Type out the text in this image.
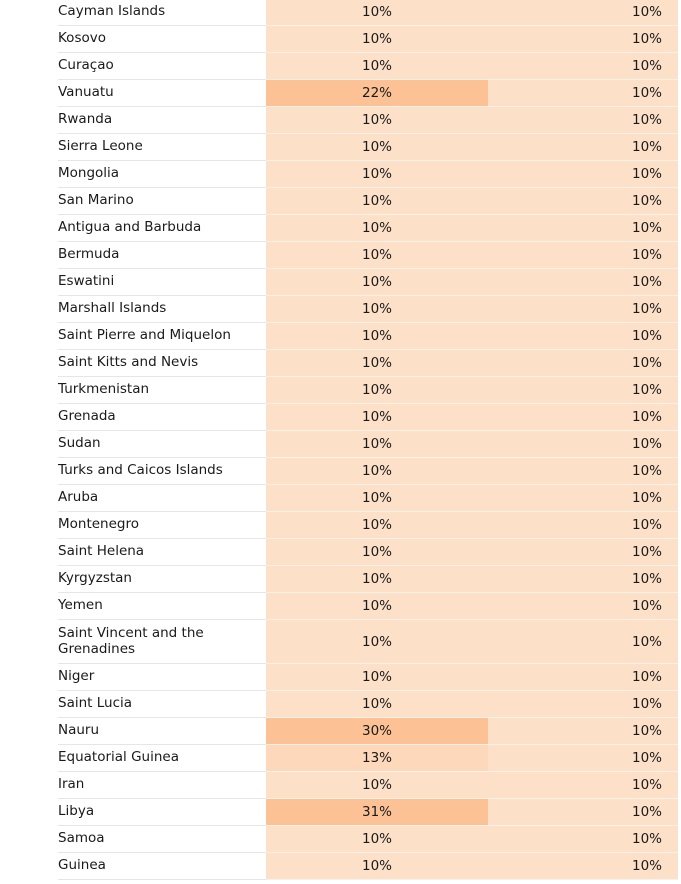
Cayman Islands	10%	10%
Kosovo	10%	10%
Curaçao	10%	10%
Vanuatu	22%	10%
Rwanda	10%	10%
Sierra Leone	10%	10%
Mongolia	10%	10%
San Marino	10%	10%
Antigua and Barbuda	10%	10%
Bermuda	10%	10%
Eswatini	10%	10%
Marshall Islands	10%	10%
Saint Pierre and Miquelon	10%	10%
Saint Kitts and Nevis	10%	10%
Turkmenistan	10%	10%
Grenada	10%	10%
Sudan	10%	10%
Turks and Caicos Islands	10%	10%
Aruba	10%	10%
Montenegro	10%	10%
Saint Helena	10%	10%
Kyrgyzstan	10%	10%
Yemen	10%	10%
Saint Vincent and the Grenadines	10%	10%
Niger	10%	10%
Saint Lucia	10%	10%
Nauru	30%	10%
Equatorial Guinea	13%	10%
Iran	10%	10%
Libya	31%	10%
Samoa	10%	10%
Guinea	10%	10%
